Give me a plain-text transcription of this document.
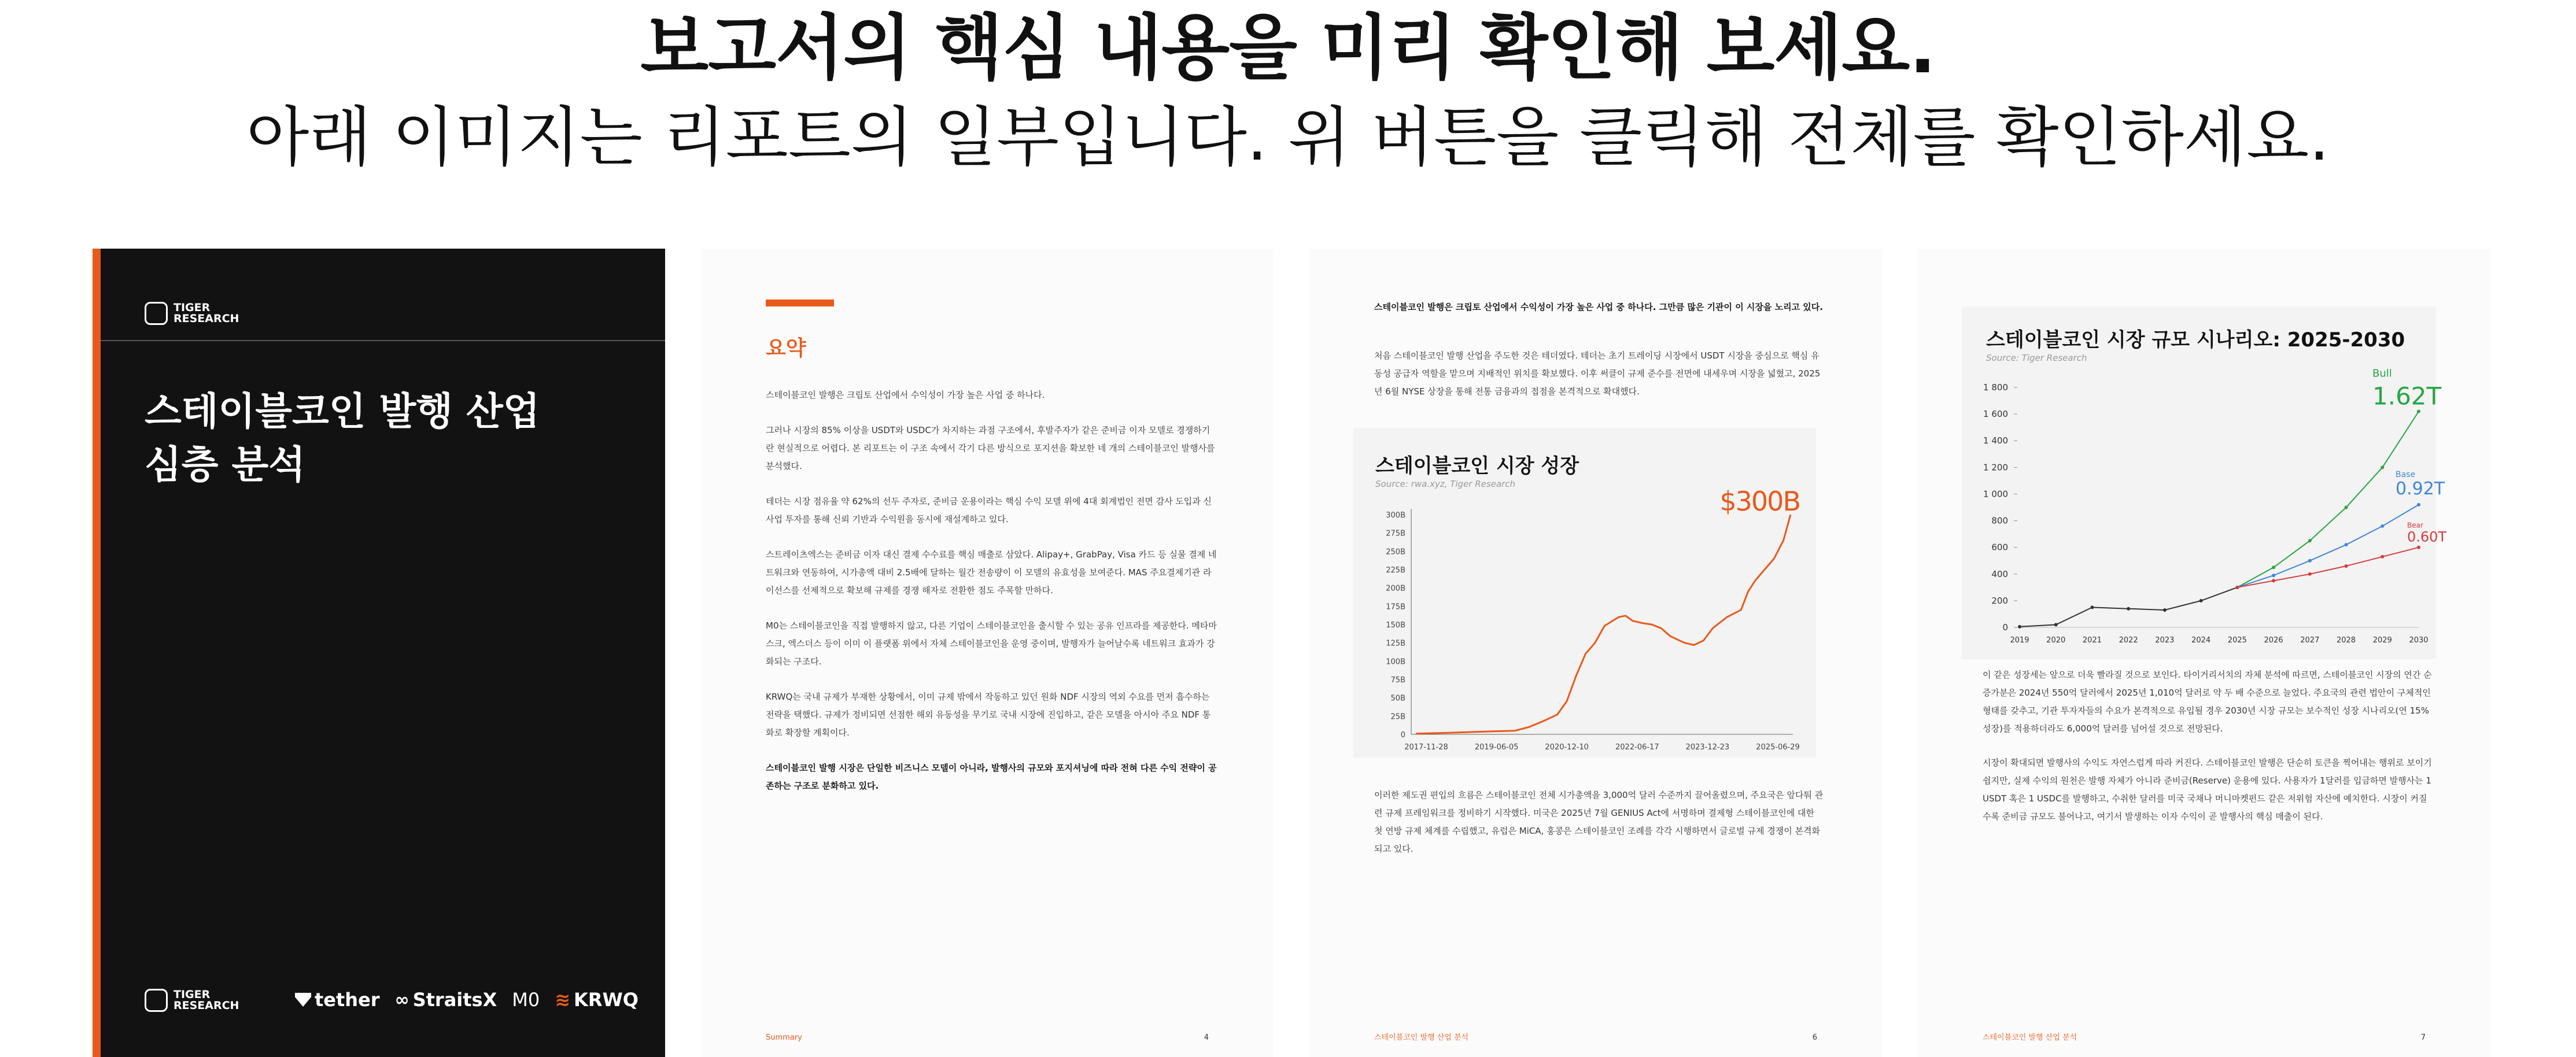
보고서의 핵심 내용을 미리 확인해 보세요.
아래 이미지는 리포트의 일부입니다. 위 버튼을 클릭해 전체를 확인하세요.
TIGER
RESEARCH
스테이블코인 발행 산업
심층 분석
TIGER
RESEARCH	tether ∞ StraitsX M0 ≋ KRWQ
요약

스테이블코인 발행은 크립토 산업에서 수익성이 가장 높은 사업 중 하나다.

그러나 시장의 85% 이상을 USDT와 USDC가 차지하는 과점 구조에서, 후발주자가 같은 준비금 이자 모델로 경쟁하기란 현실적으로 어렵다. 본 리포트는 이 구조 속에서 각기 다른 방식으로 포지션을 확보한 네 개의 스테이블코인 발행사를 분석했다.

테더는 시장 점유율 약 62%의 선두 주자로, 준비금 운용이라는 핵심 수익 모델 위에 4대 회계법인 전면 감사 도입과 신사업 투자를 통해 신뢰 기반과 수익원을 동시에 재설계하고 있다.

스트레이츠엑스는 준비금 이자 대신 결제 수수료를 핵심 매출로 삼았다. Alipay+, GrabPay, Visa 카드 등 실물 결제 네트워크와 연동하여, 시가총액 대비 2.5배에 달하는 월간 전송량이 이 모델의 유효성을 보여준다. MAS 주요결제기관 라이선스를 선제적으로 확보해 규제를 경쟁 해자로 전환한 점도 주목할 만하다.

M0는 스테이블코인을 직접 발행하지 않고, 다른 기업이 스테이블코인을 출시할 수 있는 공유 인프라를 제공한다. 메타마스크, 엑스더스 등이 이미 이 플랫폼 위에서 자체 스테이블코인을 운영 중이며, 발행자가 늘어날수록 네트워크 효과가 강화되는 구조다.

KRWQ는 국내 규제가 부재한 상황에서, 이미 규제 밖에서 작동하고 있던 원화 NDF 시장의 역외 수요를 먼저 흡수하는 전략을 택했다. 규제가 정비되면 선점한 해외 유동성을 무기로 국내 시장에 진입하고, 같은 모델을 아시아 주요 NDF 통화로 확장할 계획이다.

스테이블코인 발행 시장은 단일한 비즈니스 모델이 아니라, 발행사의 규모와 포지셔닝에 따라 전혀 다른 수익 전략이 공존하는 구조로 분화하고 있다.

Summary	4
스테이블코인 발행은 크립토 산업에서 수익성이 가장 높은 사업 중 하나다. 그만큼 많은 기관이 이 시장을 노리고 있다.
처음 스테이블코인 발행 산업을 주도한 것은 테더였다. 테더는 초기 트레이딩 시장에서 USDT 시장을 중심으로 핵심 유동성 공급자 역할을 맡으며 지배적인 위치를 확보했다. 이후 써클이 규제 준수를 전면에 내세우며 시장을 넓혔고, 2025년 6월 NYSE 상장을 통해 전통 금융과의 접점을 본격적으로 확대했다.
스테이블코인 시장 성장
Source: rwa.xyz, Tiger Research
$300B
0
25B
50B
75B
100B
125B
150B
175B
200B
225B
250B
275B
300B
2017-11-28	2019-06-05	2020-12-10	2022-06-17	2023-12-23	2025-06-29
이러한 제도권 편입의 흐름은 스테이블코인 전체 시가총액을 3,000억 달러 수준까지 끌어올렸으며, 주요국은 앞다퉈 관련 규제 프레임워크를 정비하기 시작했다. 미국은 2025년 7월 GENIUS Act에 서명하며 결제형 스테이블코인에 대한 첫 연방 규제 체계를 수립했고, 유럽은 MiCA, 홍콩은 스테이블코인 조례를 각각 시행하면서 글로벌 규제 경쟁이 본격화되고 있다.
스테이블코인 발행 산업 분석	6
스테이블코인 시장 규모 시나리오: 2025-2030
Source: Tiger Research
0
200
400
600
800
1 000
1 200
1 400
1 600
1 800
2019 2020 2021 2022 2023 2024 2025 2026 2027 2028 2029 2030
Bull
1.62T
Base
0.92T
Bear
0.60T
이 같은 성장세는 앞으로 더욱 빨라질 것으로 보인다. 타이거리서치의 자체 분석에 따르면, 스테이블코인 시장의 연간 순증가분은 2024년 550억 달러에서 2025년 1,010억 달러로 약 두 배 수준으로 늘었다. 주요국의 관련 법안이 구체적인 형태를 갖추고, 기관 투자자들의 수요가 본격적으로 유입될 경우 2030년 시장 규모는 보수적인 성장 시나리오(연 15% 성장)를 적용하더라도 6,000억 달러를 넘어설 것으로 전망된다.
시장이 확대되면 발행사의 수익도 자연스럽게 따라 커진다. 스테이블코인 발행은 단순히 토큰을 찍어내는 행위로 보이기 쉽지만, 실제 수익의 원천은 발행 자체가 아니라 준비금(Reserve) 운용에 있다. 사용자가 1달러를 입금하면 발행사는 1 USDT 혹은 1 USDC를 발행하고, 수취한 달러를 미국 국채나 머니마켓펀드 같은 저위험 자산에 예치한다. 시장이 커질수록 준비금 규모도 불어나고, 여기서 발생하는 이자 수익이 곧 발행사의 핵심 매출이 된다.
스테이블코인 발행 산업 분석	7
